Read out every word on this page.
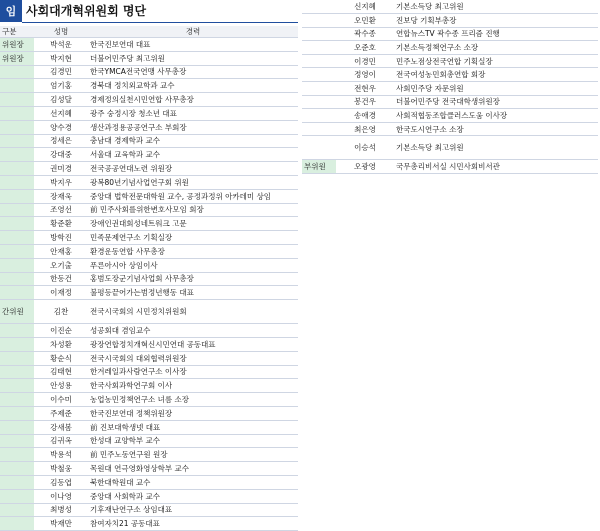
임 사회대개혁위원회 명단
구분	성명	경력
위원장	박석운	한국진보연대 대표
위원장	박지현	더불어민주당 최고위원
	김경민	한국YMCA전국연맹 사무총장
	엄기홍	경북대 정치외교학과 교수
	김성달	경제정의실천시민연합 사무총장
	선지혜	광주 숭정시장 청소년 대표
	양수경	생산과정용공공연구소 부회장
	정세은	충남대 경제학과 교수
	강대중	서울대 교육학과 교수
	권미경	전국공공연대노련 위원장
	박지우	광복80년기념사업연구회 위원
	장재욱	중앙대 법학전문대학원 교수, 공정과정위 아카데미 상임
	조영선	前 민주사회를위한변호사모임 회장
	황준환	장애인권대회성네트워크 고문
	방학진	민족문제연구소 기획실장
	안재홍	환경운동연합 사무총장
	오기출	푸른아시아 상임이사
	한동건	홍범도장군기념사업회 사무총장
	이재정	불평등끝어가는범정년행동 대표
간위원	김찬	전국시국회의 시민정치위원회
	이진순	성공회대 겸임교수
	차성환	광장연합정치개혁신시민연대 공동대표
	황순식	전국시국회의 대외협력위원장
	김태현	한겨레일과사람연구소 이사장
	안성용	한국사회과학연구회 이사
	이수미	농업농민정책연구소 녀름 소장
	주제준	한국진보연대 정책위원장
	강새봄	前 진보대학생넷 대표
	김귀옥	한성대 교양학부 교수
	박용석	前 민주노동연구원 원장
	박철웅	목원대 연극영화영상학부 교수
	김동엽	북한대학원대 교수
	이나영	중앙대 사회학과 교수
	최병성	기후재난연구소 상임대표
	박재만	참여자치21 공동대표
	신지혜	기본소득당 최고위원
	오민환	진보당 기획부총장
	곽수종	연합뉴스TV 곽수종 프리즘 진행
	오준호	기본소득정책연구소 소장
	이경민	민주노점상전국연합 기획실장
	정영이	전국여성농민회총연합 회장
	전현우	사회민주당 자문위원
	봉건우	더불어민주당 전국대학생위원장
	송애경	사회적협동조합클러스도움 이사장
	최은영	한국도시연구소 소장
	이승석	기본소득당 최고위원
부위원	오광영	국무총리비서실 시민사회비서관
